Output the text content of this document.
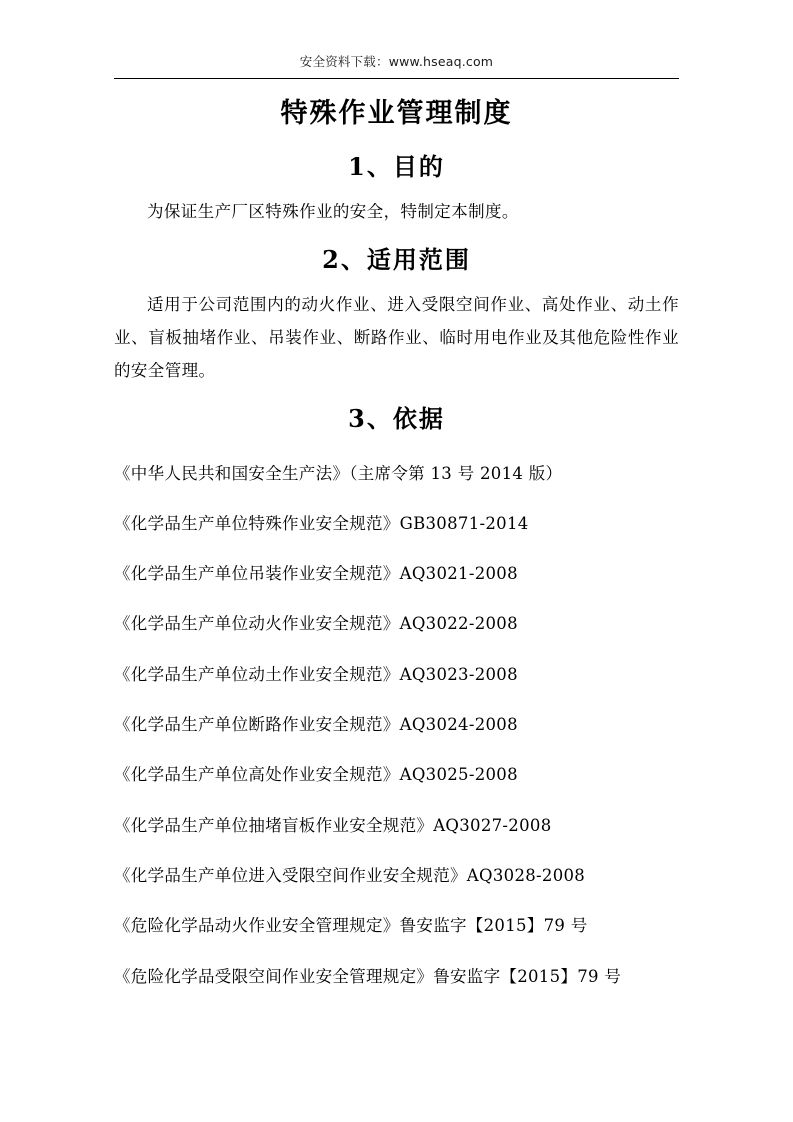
安全资料下载：www.hseaq.com
特殊作业管理制度
1、目的

为保证生产厂区特殊作业的安全，特制定本制度。

2、适用范围

适用于公司范围内的动火作业、进入受限空间作业、高处作业、动土作业、盲板抽堵作业、吊装作业、断路作业、临时用电作业及其他危险性作业的安全管理。

3、依据
《中华人民共和国安全生产法》（主席令第 13 号 2014 版）
《化学品生产单位特殊作业安全规范》GB30871-2014
《化学品生产单位吊装作业安全规范》AQ3021-2008
《化学品生产单位动火作业安全规范》AQ3022-2008
《化学品生产单位动土作业安全规范》AQ3023-2008
《化学品生产单位断路作业安全规范》AQ3024-2008
《化学品生产单位高处作业安全规范》AQ3025-2008
《化学品生产单位抽堵盲板作业安全规范》AQ3027-2008
《化学品生产单位进入受限空间作业安全规范》AQ3028-2008
《危险化学品动火作业安全管理规定》鲁安监字【2015】79 号
《危险化学品受限空间作业安全管理规定》鲁安监字【2015】79 号
